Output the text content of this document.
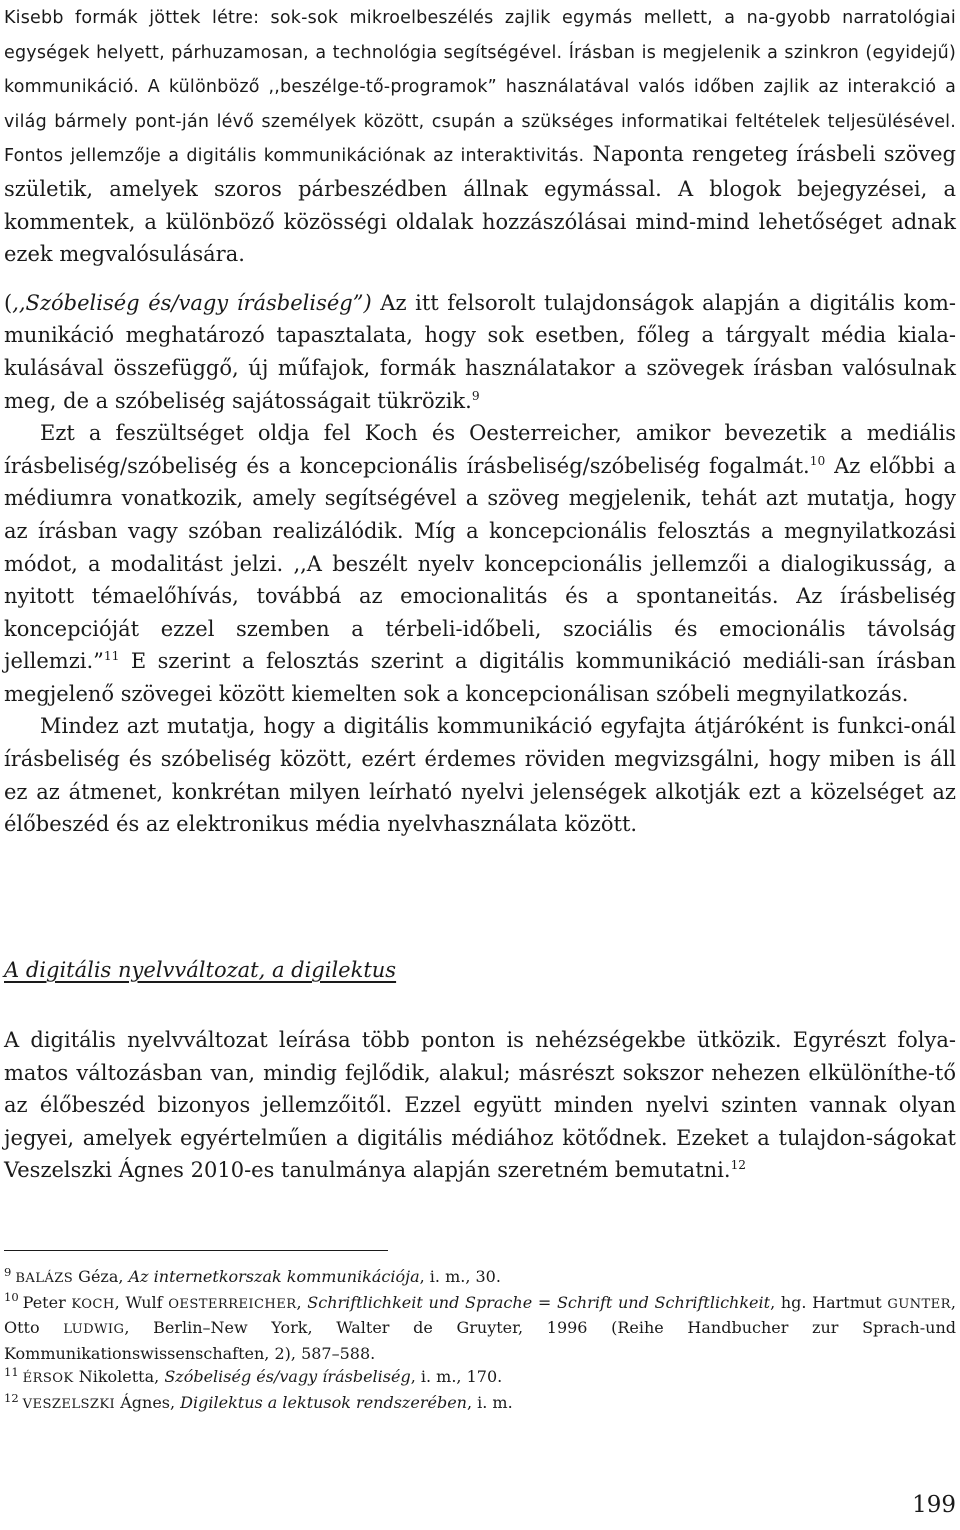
Kisebb formák jöttek létre: sok-sok mikroelbeszélés zajlik egymás mellett, a na-gyobb narratológiai egységek helyett, párhuzamosan, a technológia segítségével. Írásban is megjelenik a szinkron (egyidejű) kommunikáció. A különböző ,,beszélge-tő-programok” használatával valós időben zajlik az interakció a világ bármely pont-ján lévő személyek között, csupán a szükséges informatikai feltételek teljesülésével. Fontos jellemzője a digitális kommunikációnak az interaktivitás. Naponta rengeteg írásbeli szöveg születik, amelyek szoros párbeszédben állnak egymással. A blogok bejegyzései, a kommentek, a különböző közösségi oldalak hozzászólásai mind-mind lehetőséget adnak ezek megvalósulására.

(,,Szóbeliség és/vagy írásbeliség”) Az itt felsorolt tulajdonságok alapján a digitális kom-munikáció meghatározó tapasztalata, hogy sok esetben, főleg a tárgyalt média kiala-kulásával összefüggő, új műfajok, formák használatakor a szövegek írásban valósulnak meg, de a szóbeliség sajátosságait tükrözik.$^9$

Ezt a feszültséget oldja fel Koch és Oesterreicher, amikor bevezetik a mediális írásbeliség/szóbeliség és a koncepcionális írásbeliség/szóbeliség fogalmát.$^{10}$ Az előbbi a médiumra vonatkozik, amely segítségével a szöveg megjelenik, tehát azt mutatja, hogy az írásban vagy szóban realizálódik. Míg a koncepcionális felosztás a megnyilatkozási módot, a modalitást jelzi. ,,A beszélt nyelv koncepcionális jellemzői a dialogikusság, a nyitott témaelőhívás, továbbá az emocionalitás és a spontaneitás. Az írásbeliség koncepcióját ezzel szemben a térbeli-időbeli, szociális és emocionális távolság jellemzi.”$^{11}$ E szerint a felosztás szerint a digitális kommunikáció mediáli-san írásban megjelenő szövegei között kiemelten sok a koncepcionálisan szóbeli megnyilatkozás.

Mindez azt mutatja, hogy a digitális kommunikáció egyfajta átjáróként is funkci-onál írásbeliség és szóbeliség között, ezért érdemes röviden megvizsgálni, hogy miben is áll ez az átmenet, konkrétan milyen leírható nyelvi jelenségek alkotják ezt a közelséget az élőbeszéd és az elektronikus média nyelvhasználata között.

A digitális nyelvváltozat, a digilektus

A digitális nyelvváltozat leírása több ponton is nehézségekbe ütközik. Egyrészt folya-matos változásban van, mindig fejlődik, alakul; másrészt sokszor nehezen elkülöníthe-tő az élőbeszéd bizonyos jellemzőitől. Ezzel együtt minden nyelvi szinten vannak olyan jegyei, amelyek egyértelműen a digitális médiához kötődnek. Ezeket a tulajdon-ságokat Veszelszki Ágnes 2010-es tanulmánya alapján szeretném bemutatni.$^{12}$

$^9$ BALÁZS Géza, Az internetkorszak kommunikációja, i. m., 30.

$^{10}$ Peter KOCH, Wulf OESTERREICHER, Schriftlichkeit und Sprache = Schrift und Schriftlichkeit, hg. Hartmut GUNTER, Otto LUDWIG, Berlin–New York, Walter de Gruyter, 1996 (Reihe Handbucher zur Sprach-und Kommunikationswissenschaften, 2), 587–588.

$^{11}$ ÉRSOK Nikoletta, Szóbeliség és/vagy írásbeliség, i. m., 170.

$^{12}$ VESZELSZKI Ágnes, Digilektus a lektusok rendszerében, i. m.

199
